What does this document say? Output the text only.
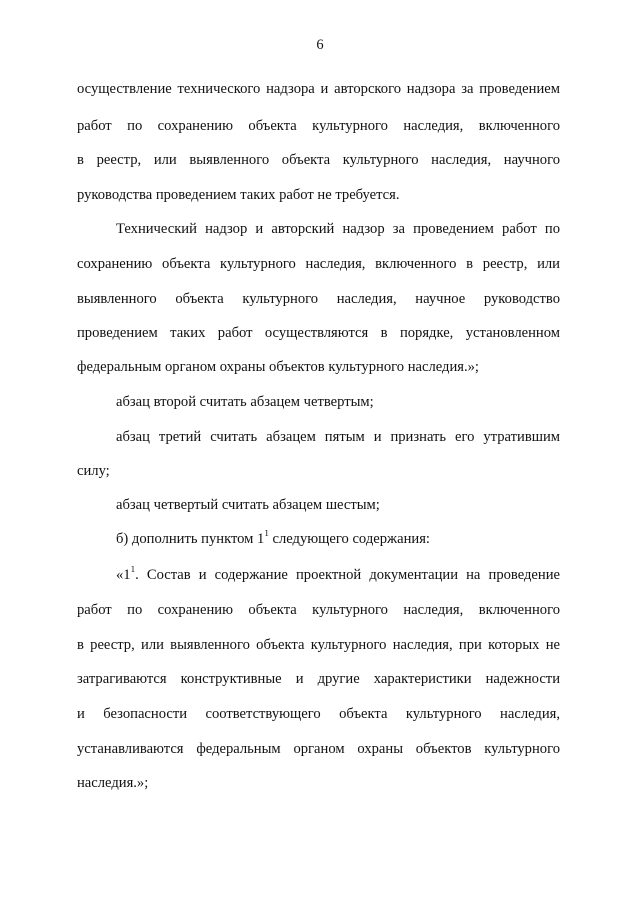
6
осуществление технического надзора и авторского надзора за проведением
работ по сохранению объекта культурного наследия, включенного
в реестр, или выявленного объекта культурного наследия, научного
руководства проведением таких работ не требуется.
Технический надзор и авторский надзор за проведением работ по
сохранению объекта культурного наследия, включенного в реестр, или
выявленного объекта культурного наследия, научное руководство
проведением таких работ осуществляются в порядке, установленном
федеральным органом охраны объектов культурного наследия.»;
абзац второй считать абзацем четвертым;
абзац третий считать абзацем пятым и признать его утратившим
силу;
абзац четвертый считать абзацем шестым;
б) дополнить пунктом $1^1$ следующего содержания:
«$1^1$. Состав и содержание проектной документации на проведение
работ по сохранению объекта культурного наследия, включенного
в реестр, или выявленного объекта культурного наследия, при которых не
затрагиваются конструктивные и другие характеристики надежности
и безопасности соответствующего объекта культурного наследия,
устанавливаются федеральным органом охраны объектов культурного
наследия.»;
